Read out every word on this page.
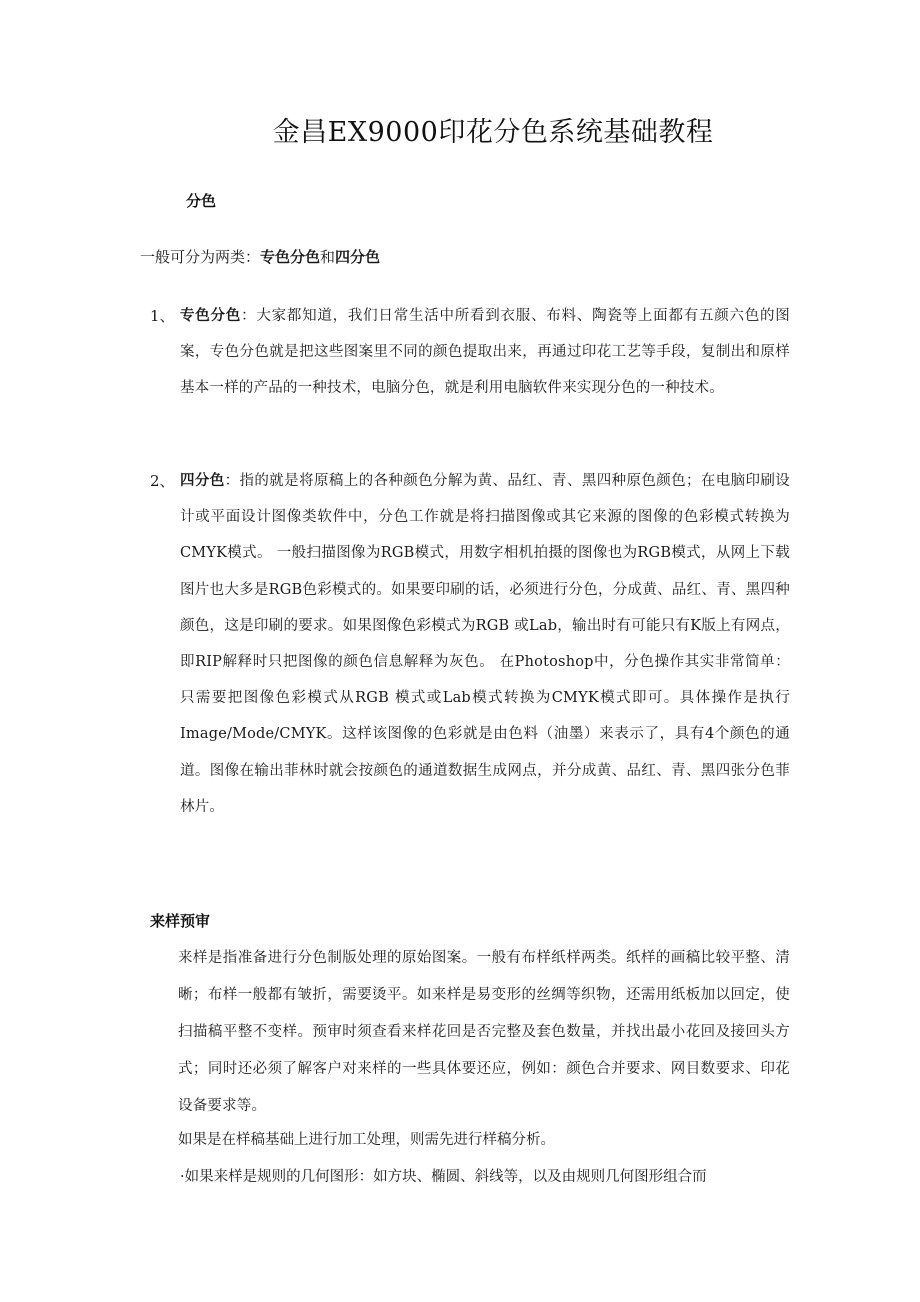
金昌EX9000印花分色系统基础教程
分色
一般可分为两类：专色分色和四分色
1、 专色分色：大家都知道，我们日常生活中所看到衣服、布料、陶瓷等上面都有五颜六色的图案，专色分色就是把这些图案里不同的颜色提取出来，再通过印花工艺等手段，复制出和原样基本一样的产品的一种技术，电脑分色，就是利用电脑软件来实现分色的一种技术。
2、 四分色：指的就是将原稿上的各种颜色分解为黄、品红、青、黑四种原色颜色；在电脑印刷设计或平面设计图像类软件中，分色工作就是将扫描图像或其它来源的图像的色彩模式转换为CMYK模式。 一般扫描图像为RGB模式，用数字相机拍摄的图像也为RGB模式，从网上下载图片也大多是RGB色彩模式的。如果要印刷的话，必须进行分色，分成黄、品红、青、黑四种颜色，这是印刷的要求。如果图像色彩模式为RGB 或Lab，输出时有可能只有K版上有网点，即RIP解释时只把图像的颜色信息解释为灰色。 在Photoshop中，分色操作其实非常简单：只需要把图像色彩模式从RGB 模式或Lab模式转换为CMYK模式即可。具体操作是执行Image/Mode/CMYK。这样该图像的色彩就是由色料（油墨）来表示了，具有4个颜色的通道。图像在输出菲林时就会按颜色的通道数据生成网点，并分成黄、品红、青、黑四张分色菲林片。
来样预审
来样是指准备进行分色制版处理的原始图案。一般有布样纸样两类。纸样的画稿比较平整、清晰；布样一般都有皱折，需要烫平。如来样是易变形的丝绸等织物，还需用纸板加以回定，使扫描稿平整不变样。预审时须查看来样花回是否完整及套色数量，并找出最小花回及接回头方式；同时还必须了解客户对来样的一些具体要还应，例如：颜色合并要求、网目数要求、印花设备要求等。
如果是在样稿基础上进行加工处理，则需先进行样稿分析。
·如果来样是规则的几何图形：如方块、椭圆、斜线等，以及由规则几何图形组合而
